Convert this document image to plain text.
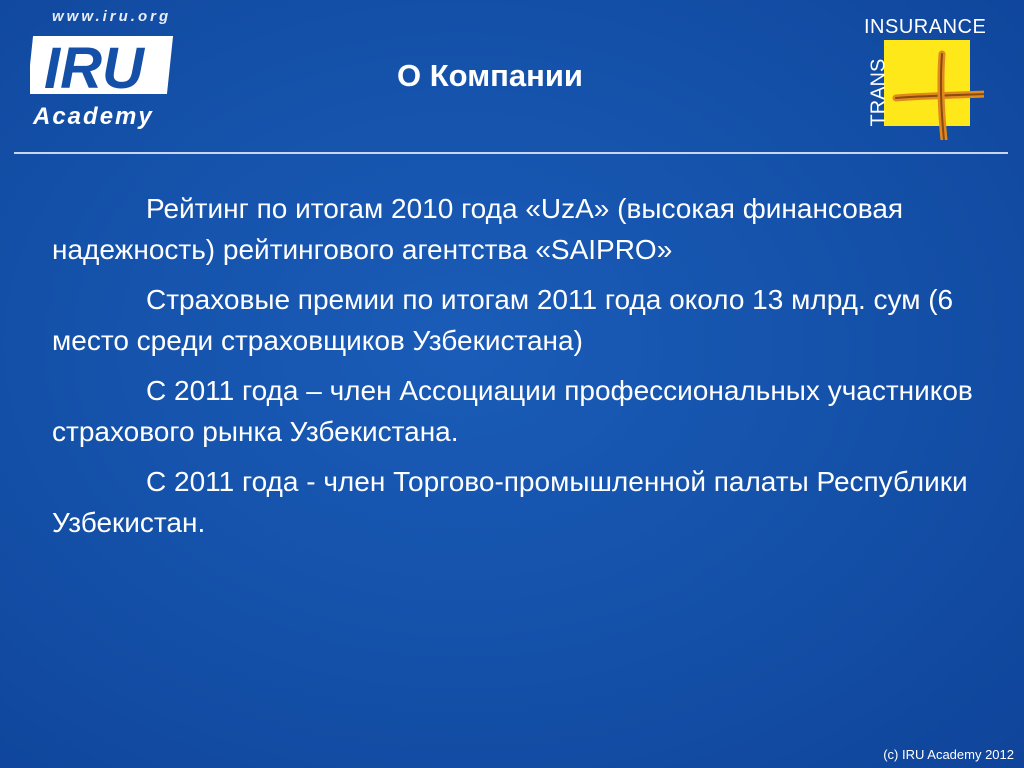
IRU
Academy
www.iru.org
О Компании
INSURANCE
TRANS

Рейтинг по итогам 2010 года «UzA» (высокая финансовая надежность) рейтингового агентства «SAIPRO»

Страховые премии по итогам 2011 года около 13 млрд. сум (6 место среди страховщиков Узбекистана)

С 2011 года – член Ассоциации профессиональных участников страхового рынка Узбекистана.

С 2011 года - член Торгово-промышленной палаты Республики Узбекистан.

(c) IRU Academy 2012
